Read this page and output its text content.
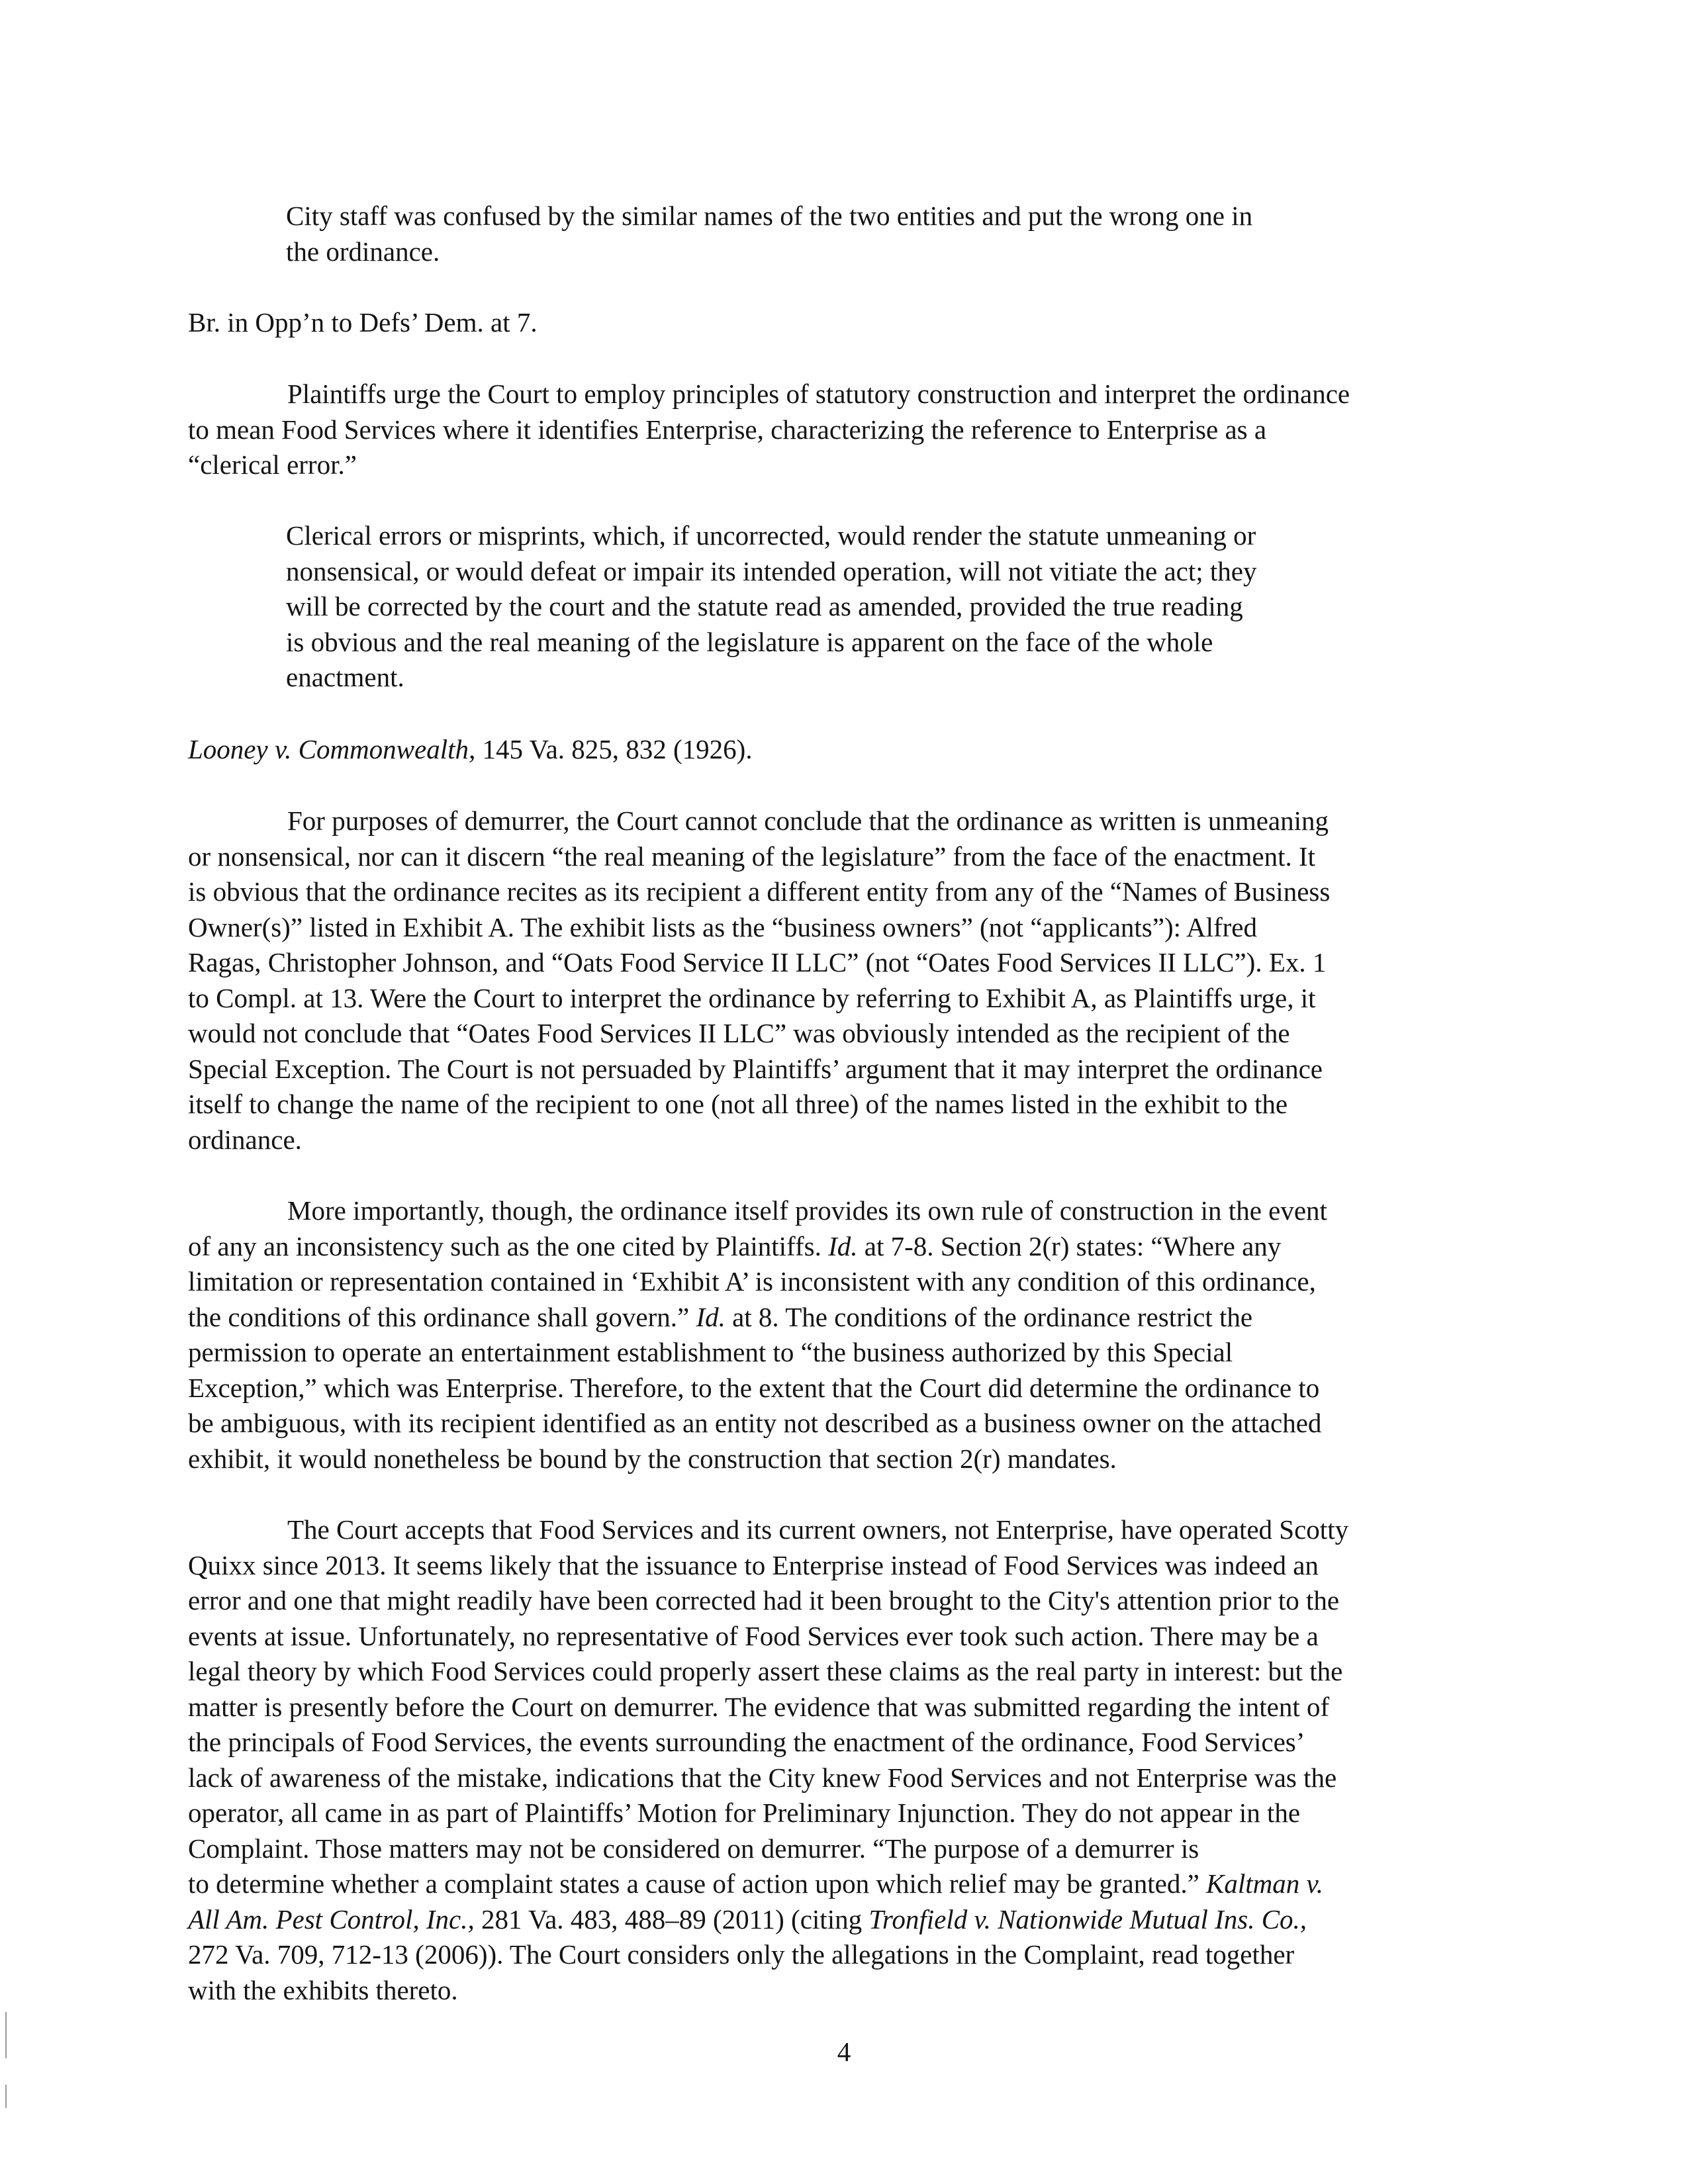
City staff was confused by the similar names of the two entities and put the wrong one in
the ordinance.
Br. in Opp’n to Defs’ Dem. at 7.
Plaintiffs urge the Court to employ principles of statutory construction and interpret the ordinance
to mean Food Services where it identifies Enterprise, characterizing the reference to Enterprise as a
“clerical error.”
Clerical errors or misprints, which, if uncorrected, would render the statute unmeaning or
nonsensical, or would defeat or impair its intended operation, will not vitiate the act; they
will be corrected by the court and the statute read as amended, provided the true reading
is obvious and the real meaning of the legislature is apparent on the face of the whole
enactment.
Looney v. Commonwealth, 145 Va. 825, 832 (1926).
For purposes of demurrer, the Court cannot conclude that the ordinance as written is unmeaning
or nonsensical, nor can it discern “the real meaning of the legislature” from the face of the enactment. It
is obvious that the ordinance recites as its recipient a different entity from any of the “Names of Business
Owner(s)” listed in Exhibit A. The exhibit lists as the “business owners” (not “applicants”): Alfred
Ragas, Christopher Johnson, and “Oats Food Service II LLC” (not “Oates Food Services II LLC”). Ex. 1
to Compl. at 13. Were the Court to interpret the ordinance by referring to Exhibit A, as Plaintiffs urge, it
would not conclude that “Oates Food Services II LLC” was obviously intended as the recipient of the
Special Exception. The Court is not persuaded by Plaintiffs’ argument that it may interpret the ordinance
itself to change the name of the recipient to one (not all three) of the names listed in the exhibit to the
ordinance.
More importantly, though, the ordinance itself provides its own rule of construction in the event
of any an inconsistency such as the one cited by Plaintiffs. Id. at 7-8. Section 2(r) states: “Where any
limitation or representation contained in ‘Exhibit A’ is inconsistent with any condition of this ordinance,
the conditions of this ordinance shall govern.” Id. at 8. The conditions of the ordinance restrict the
permission to operate an entertainment establishment to “the business authorized by this Special
Exception,” which was Enterprise. Therefore, to the extent that the Court did determine the ordinance to
be ambiguous, with its recipient identified as an entity not described as a business owner on the attached
exhibit, it would nonetheless be bound by the construction that section 2(r) mandates.
The Court accepts that Food Services and its current owners, not Enterprise, have operated Scotty
Quixx since 2013. It seems likely that the issuance to Enterprise instead of Food Services was indeed an
error and one that might readily have been corrected had it been brought to the City's attention prior to the
events at issue. Unfortunately, no representative of Food Services ever took such action. There may be a
legal theory by which Food Services could properly assert these claims as the real party in interest: but the
matter is presently before the Court on demurrer. The evidence that was submitted regarding the intent of
the principals of Food Services, the events surrounding the enactment of the ordinance, Food Services’
lack of awareness of the mistake, indications that the City knew Food Services and not Enterprise was the
operator, all came in as part of Plaintiffs’ Motion for Preliminary Injunction. They do not appear in the
Complaint. Those matters may not be considered on demurrer. “The purpose of a demurrer is
to determine whether a complaint states a cause of action upon which relief may be granted.” Kaltman v.
All Am. Pest Control, Inc., 281 Va. 483, 488–89 (2011) (citing Tronfield v. Nationwide Mutual Ins. Co.,
272 Va. 709, 712-13 (2006)). The Court considers only the allegations in the Complaint, read together
with the exhibits thereto.
4
